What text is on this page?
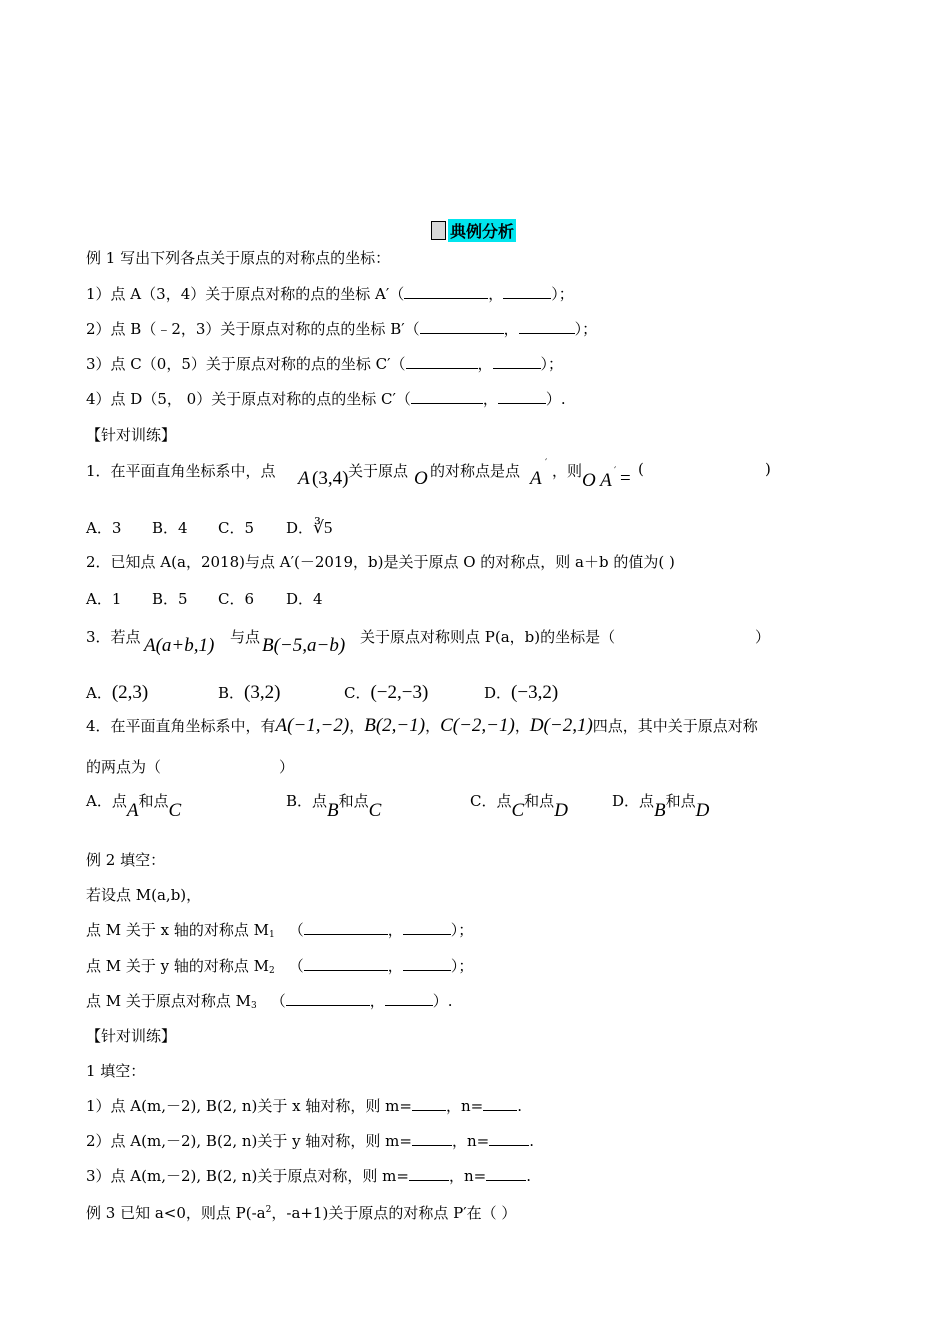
典例分析
例 1 写出下列各点关于原点的对称点的坐标：
1）点 A（3，4）关于原点对称的点的坐标 A′（	，	）；
2）点 B（﹣2，3）关于原点对称的点的坐标 B′（	，	）；
3）点 C（0，5）关于原点对称的点的坐标 C′（	，	）；
4）点 D（5， 0）关于原点对称的点的坐标 C′（	，	）.
【针对训练】
1．在平面直角坐标系中，点 A (3,4) 关于原点 O 的对称点是点 A
′ ，则 O A ′ = (	)
A．3 B．4 C．5 D．∛5
2．已知点 A(a，2018)与点 A′(－2019，b)是关于原点 O 的对称点，则 a＋b 的值为( )
A．1 B．5 C．6 D．4
3．若点 A(a+b,1) 与点 B(−5,a−b) 关于原点对称则点 P(a，b)的坐标是（	）
A．(2,3)	B．(3,2)	C．(−2,−3)	D．(−3,2)
4．在平面直角坐标系中，有A(−1,−2)，B(2,−1)，C(−2,−1)，D(−2,1)四点，其中关于原点对称
的两点为（	）
A．点A和点C	B．点B和点C	C．点C和点D	D．点B和点D
例 2 填空：
若设点 M(a,b)，
点 M 关于 x 轴的对称点 $M_1$ （	，	）；
点 M 关于 y 轴的对称点 $M_2$ （	，	）；
点 M 关于原点对称点 $M_3$ （	，	）.
【针对训练】
1 填空：
1）点 A(m,－2), B(2, n)关于 x 轴对称，则 m= ，n= .
2）点 A(m,－2), B(2, n)关于 y 轴对称，则 m=	，n=	.
3）点 A(m,－2), B(2, n)关于原点对称，则 m=	，n=	.
例 3 已知 a<0，则点 $P(-a^2$，-a+1)关于原点的对称点 P′在（ ）
